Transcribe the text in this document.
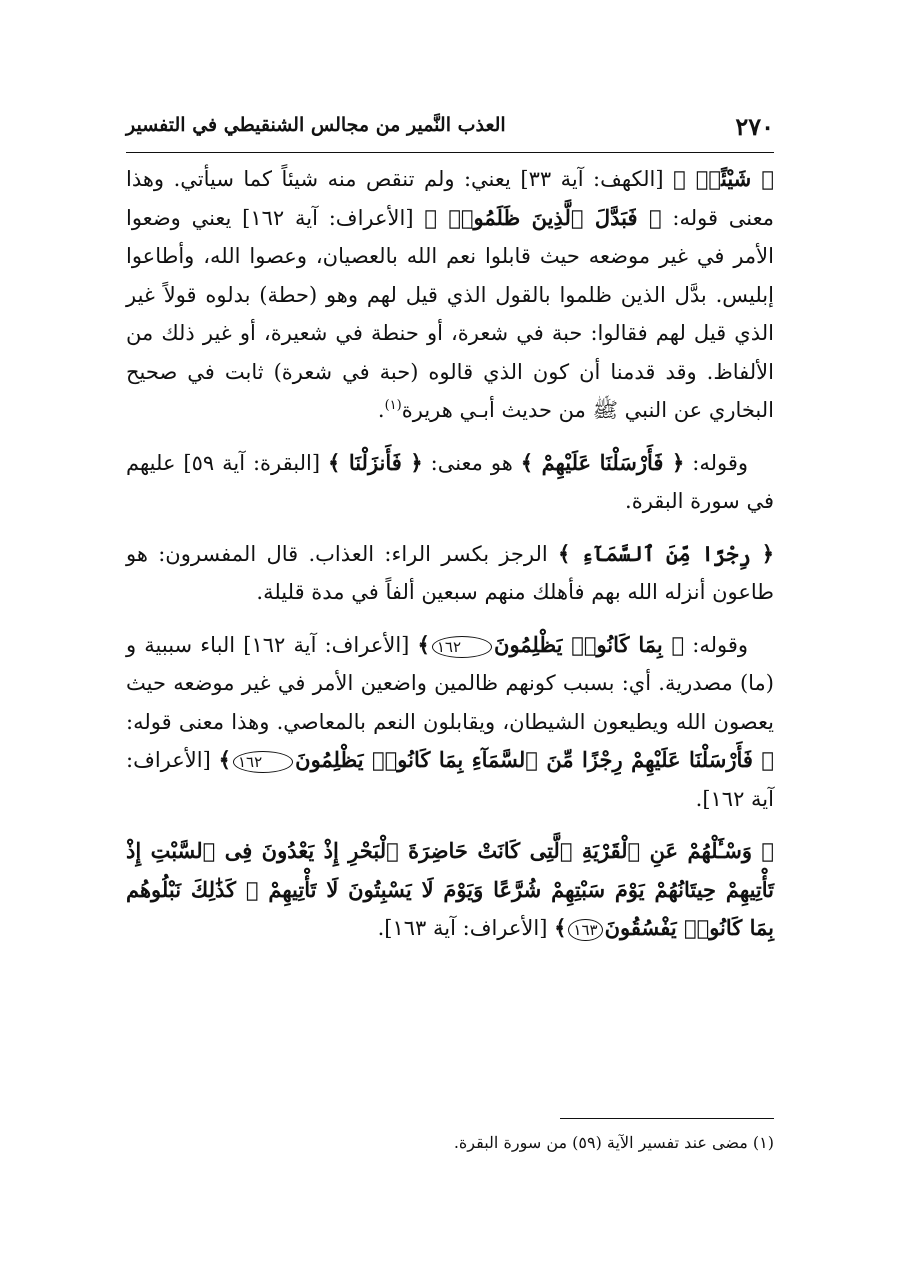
٢٧٠
العذب النَّمير من مجالس الشنقيطي في التفسير

﴿ شَيْئًاۚ ﴾ [الكهف: آية ٣٣] يعني: ولم تنقص منه شيئاً كما سيأتي. وهذا معنى قوله: ﴿ فَبَدَّلَ ٱلَّذِينَ ظَلَمُوا۟ ﴾ [الأعراف: آية ١٦٢] يعني وضعوا الأمر في غير موضعه حيث قابلوا نعم الله بالعصيان، وعصوا الله، وأطاعوا إبليس. بدَّل الذين ظلموا بالقول الذي قيل لهم وهو (حطة) بدلوه قولاً غير الذي قيل لهم فقالوا: حبة في شعرة، أو حنطة في شعيرة، أو غير ذلك من الألفاظ. وقد قدمنا أن كون الذي قالوه (حبة في شعرة) ثابت في صحيح البخاري عن النبي ﷺ من حديث أبـي هريرة$^{(١)}$.

وقوله: ﴿ فَأَرْسَلْنَا عَلَيْهِمْ ﴾ هو معنى: ﴿ فَأَنزَلْنَا ﴾ [البقرة: آية ٥٩] عليهم في سورة البقرة.

﴿ رِجْزًا مِّنَ ٱلسَّمَآءِ ﴾ الرجز بكسر الراء: العذاب. قال المفسرون: هو طاعون أنزله الله بهم فأهلك منهم سبعين ألفاً في مدة قليلة.

وقوله: ﴿ بِمَا كَانُوا۟ يَظْلِمُونَ١٦٢﴾ [الأعراف: آية ١٦٢] الباء سببية و (ما) مصدرية. أي: بسبب كونهم ظالمين واضعين الأمر في غير موضعه حيث يعصون الله ويطيعون الشيطان، ويقابلون النعم بالمعاصي. وهذا معنى قوله: ﴿ فَأَرْسَلْنَا عَلَيْهِمْ رِجْزًا مِّنَ ٱلسَّمَآءِ بِمَا كَانُوا۟ يَظْلِمُونَ١٦٢﴾ [الأعراف: آية ١٦٢].

﴿ وَسْـَٔلْهُمْ عَنِ ٱلْقَرْيَةِ ٱلَّتِى كَانَتْ حَاضِرَةَ ٱلْبَحْرِ إِذْ يَعْدُونَ فِى ٱلسَّبْتِ إِذْ تَأْتِيهِمْ حِيتَانُهُمْ يَوْمَ سَبْتِهِمْ شُرَّعًا وَيَوْمَ لَا يَسْبِتُونَ لَا تَأْتِيهِمْ ۚ كَذَٰلِكَ نَبْلُوهُم بِمَا كَانُوا۟ يَفْسُقُونَ١٦٣﴾ [الأعراف: آية ١٦٣].

(١) مضى عند تفسير الآية (٥٩) من سورة البقرة.
